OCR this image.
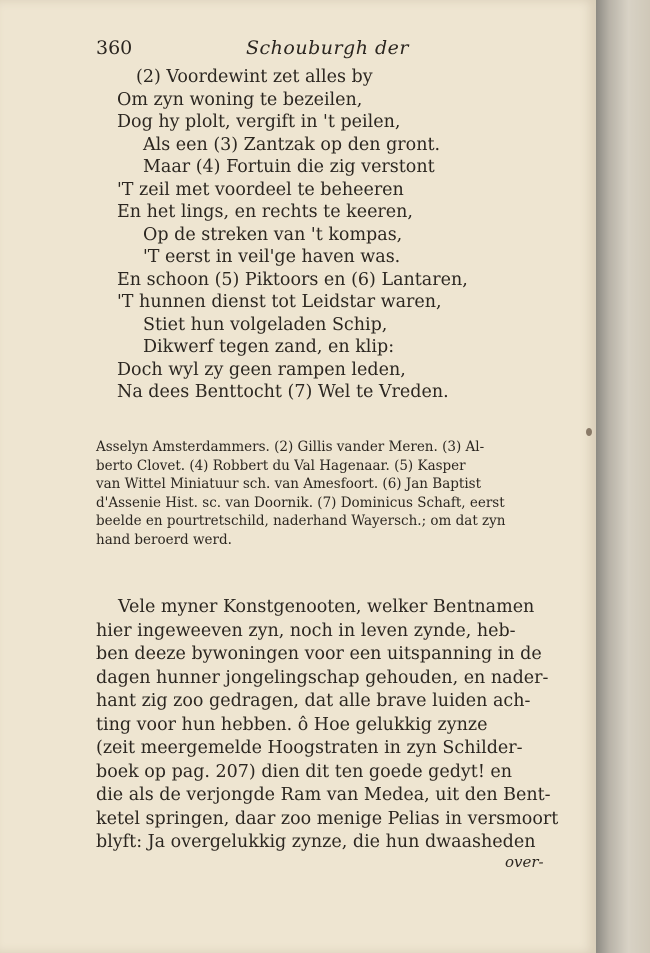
360	Schouburgh der
(2) Voordewint zet alles by
Om zyn woning te bezeilen,
Dog hy plolt, vergift in 't peilen,
Als een (3) Zantzak op den gront.
Maar (4) Fortuin die zig verstont
'T zeil met voordeel te beheeren
En het lings, en rechts te keeren,
Op de streken van 't kompas,
'T eerst in veil'ge haven was.
En schoon (5) Piktoors en (6) Lantaren,
'T hunnen dienst tot Leidstar waren,
Stiet hun volgeladen Schip,
Dikwerf tegen zand, en klip:
Doch wyl zy geen rampen leden,
Na dees Benttocht (7) Wel te Vreden.
Asselyn Amsterdammers. (2) Gillis vander Meren. (3) Al-
berto Clovet. (4) Robbert du Val Hagenaar. (5) Kasper
van Wittel Miniatuur sch. van Amesfoort. (6) Jan Baptist
d'Assenie Hist. sc. van Doornik. (7) Dominicus Schaft, eerst
beelde en pourtretschild, naderhand Wayersch.; om dat zyn
hand beroerd werd.
Vele myner Konstgenooten, welker Bentnamen
hier ingeweeven zyn, noch in leven zynde, heb-
ben deeze bywoningen voor een uitspanning in de
dagen hunner jongelingschap gehouden, en nader-
hant zig zoo gedragen, dat alle brave luiden ach-
ting voor hun hebben. ô Hoe gelukkig zynze
(zeit meergemelde Hoogstraten in zyn Schilder-
boek op pag. 207) dien dit ten goede gedyt! en
die als de verjongde Ram van Medea, uit den Bent-
ketel springen, daar zoo menige Pelias in versmoort
blyft: Ja overgelukkig zynze, die hun dwaasheden
over-
